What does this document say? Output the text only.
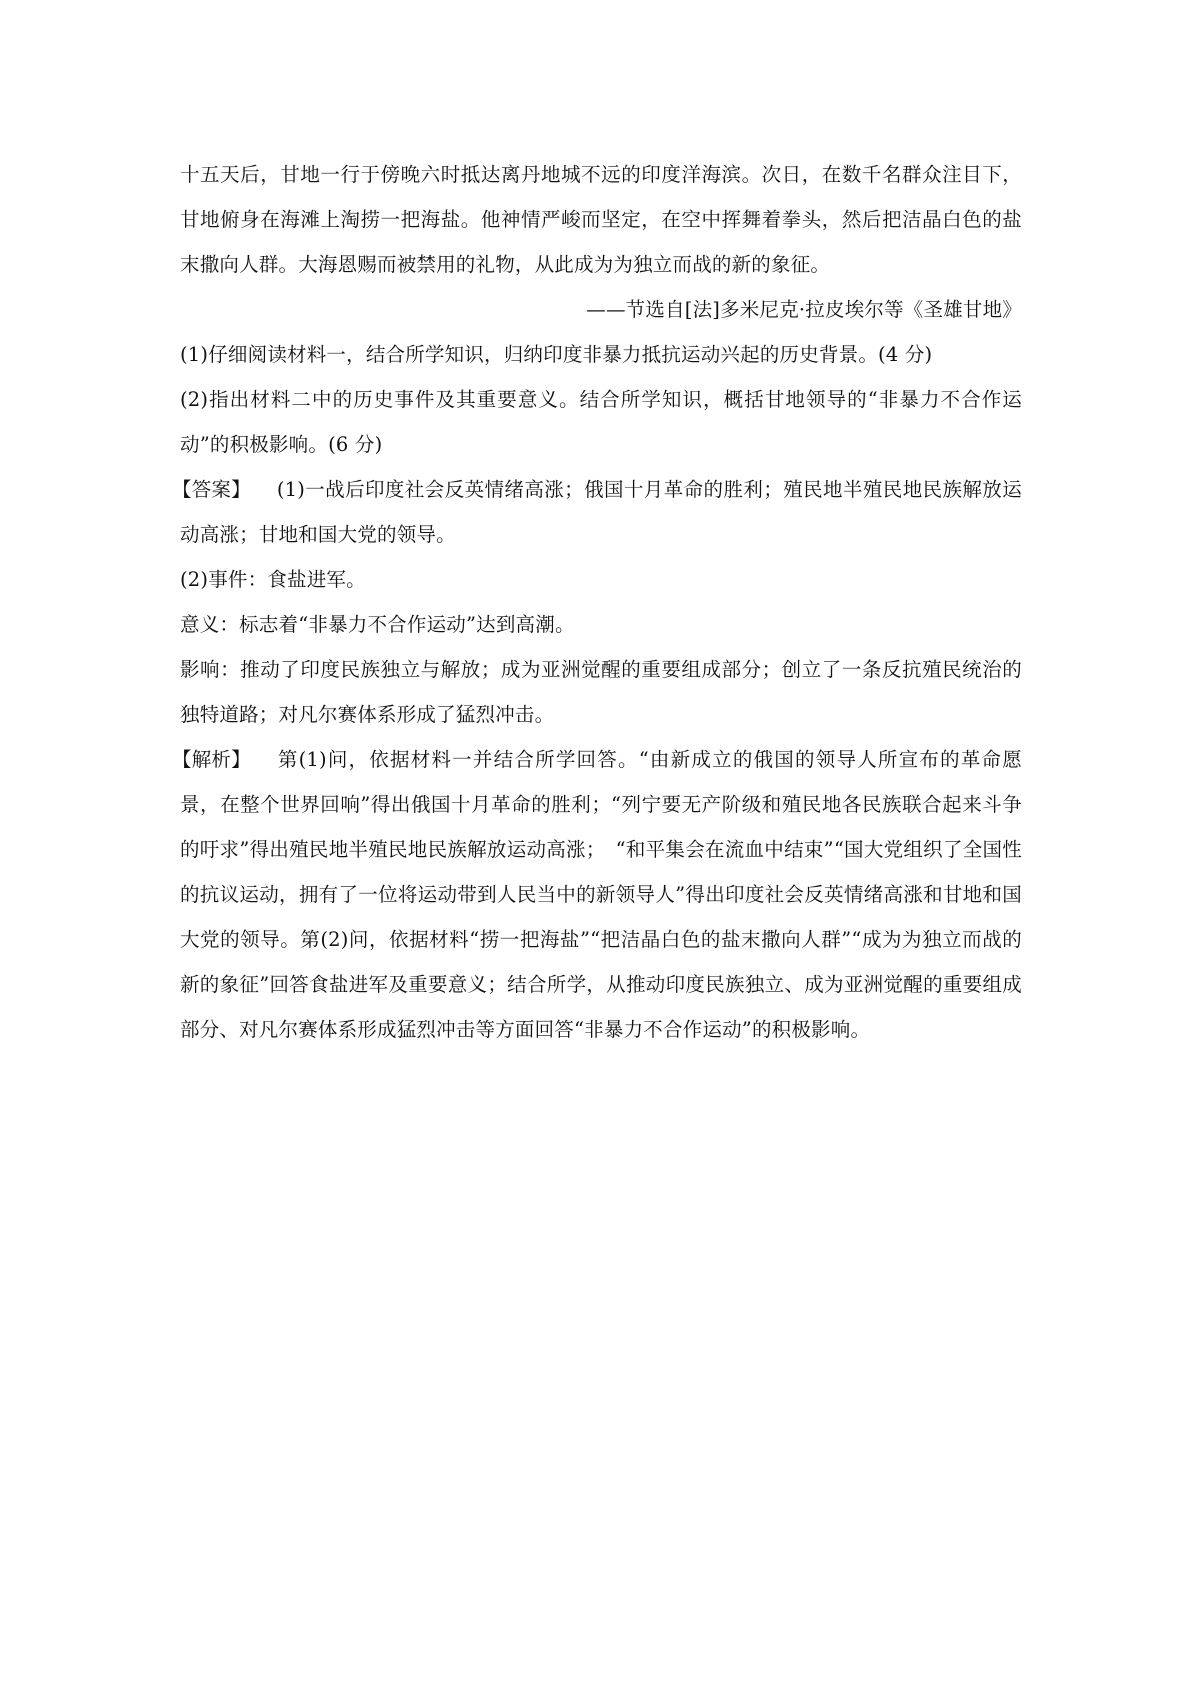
十五天后，甘地一行于傍晚六时抵达离丹地城不远的印度洋海滨。次日，在数千名群众注目下，甘地俯身在海滩上淘捞一把海盐。他神情严峻而坚定，在空中挥舞着拳头，然后把洁晶白色的盐末撒向人群。大海恩赐而被禁用的礼物，从此成为为独立而战的新的象征。

——节选自[法]多米尼克·拉皮埃尔等《圣雄甘地》

(1)仔细阅读材料一，结合所学知识，归纳印度非暴力抵抗运动兴起的历史背景。(4 分)

(2)指出材料二中的历史事件及其重要意义。结合所学知识，概括甘地领导的“非暴力不合作运动”的积极影响。(6 分)

【答案】 (1)一战后印度社会反英情绪高涨；俄国十月革命的胜利；殖民地半殖民地民族解放运动高涨；甘地和国大党的领导。

(2)事件：食盐进军。

意义：标志着“非暴力不合作运动”达到高潮。

影响：推动了印度民族独立与解放；成为亚洲觉醒的重要组成部分；创立了一条反抗殖民统治的独特道路；对凡尔赛体系形成了猛烈冲击。

【解析】 第(1)问，依据材料一并结合所学回答。“由新成立的俄国的领导人所宣布的革命愿景，在整个世界回响”得出俄国十月革命的胜利；“列宁要无产阶级和殖民地各民族联合起来斗争的吁求”得出殖民地半殖民地民族解放运动高涨；　“和平集会在流血中结束”“国大党组织了全国性的抗议运动，拥有了一位将运动带到人民当中的新领导人”得出印度社会反英情绪高涨和甘地和国大党的领导。第(2)问，依据材料“捞一把海盐”“把洁晶白色的盐末撒向人群”“成为为独立而战的新的象征”回答食盐进军及重要意义；结合所学，从推动印度民族独立、成为亚洲觉醒的重要组成部分、对凡尔赛体系形成猛烈冲击等方面回答“非暴力不合作运动”的积极影响。
